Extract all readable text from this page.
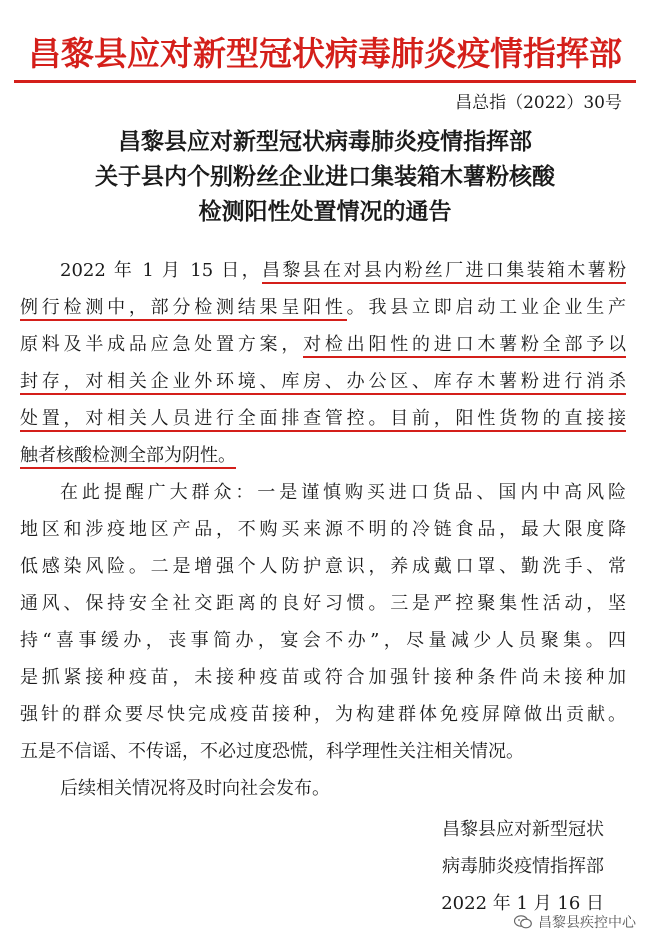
昌黎县应对新型冠状病毒肺炎疫情指挥部
昌总指（2022）30号
昌黎县应对新型冠状病毒肺炎疫情指挥部
关于县内个别粉丝企业进口集装箱木薯粉核酸
检测阳性处置情况的通告
2022 年 1 月 15 日，昌黎县在对县内粉丝厂进口集装箱木薯粉
例行检测中，部分检测结果呈阳性。我县立即启动工业企业生产
原料及半成品应急处置方案，对检出阳性的进口木薯粉全部予以
封存，对相关企业外环境、库房、办公区、库存木薯粉进行消杀
处置，对相关人员进行全面排查管控。目前，阳性货物的直接接
触者核酸检测全部为阴性。
在此提醒广大群众：一是谨慎购买进口货品、国内中高风险
地区和涉疫地区产品，不购买来源不明的冷链食品，最大限度降
低感染风险。二是增强个人防护意识，养成戴口罩、勤洗手、常
通风、保持安全社交距离的良好习惯。三是严控聚集性活动，坚
持“喜事缓办，丧事简办，宴会不办”，尽量减少人员聚集。四
是抓紧接种疫苗，未接种疫苗或符合加强针接种条件尚未接种加
强针的群众要尽快完成疫苗接种，为构建群体免疫屏障做出贡献。
五是不信谣、不传谣，不必过度恐慌，科学理性关注相关情况。
后续相关情况将及时向社会发布。
昌黎县应对新型冠状
病毒肺炎疫情指挥部
2022 年 1 月 16 日
昌黎县疾控中心
